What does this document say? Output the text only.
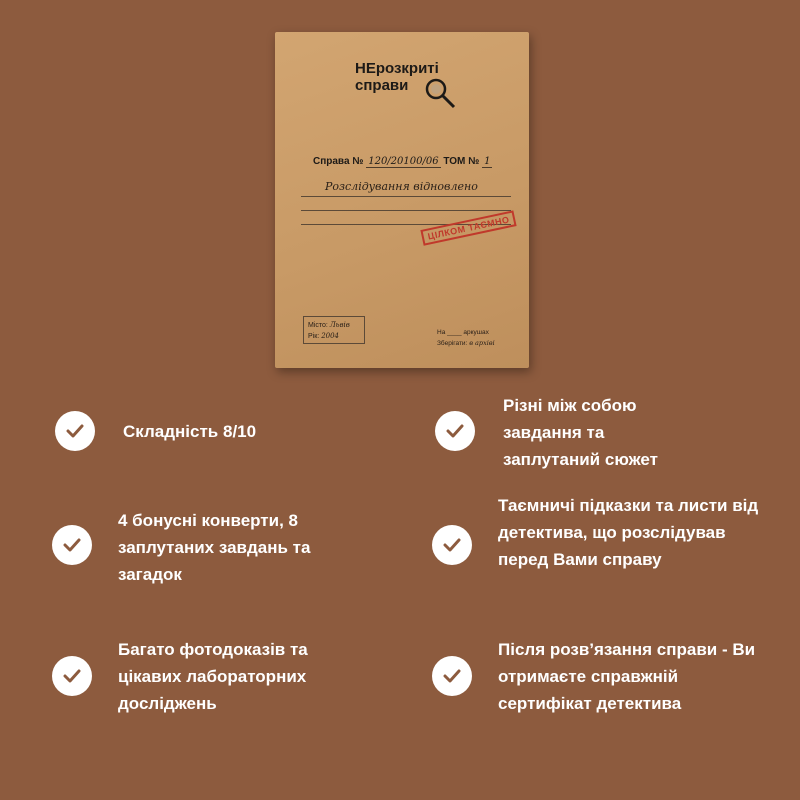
НЕрозкриті
справи
Справа № 120/20100/06 ТОМ № 1
Розслідування відновлено
ЦІЛКОМ ТАЄМНО
Місто: Львів
Рік: 2004	На ____ аркушах
Зберігати: в архіві
Складність 8/10
Різні між собою завдання та заплутаний сюжет
4 бонусні конверти, 8 заплутаних завдань та загадок
Таємничі підказки та листи від детектива, що розслідував перед Вами справу
Багато фотодоказів та цікавих лабораторних досліджень
Після розв’язання справи - Ви отримаєте справжній сертифікат детектива
